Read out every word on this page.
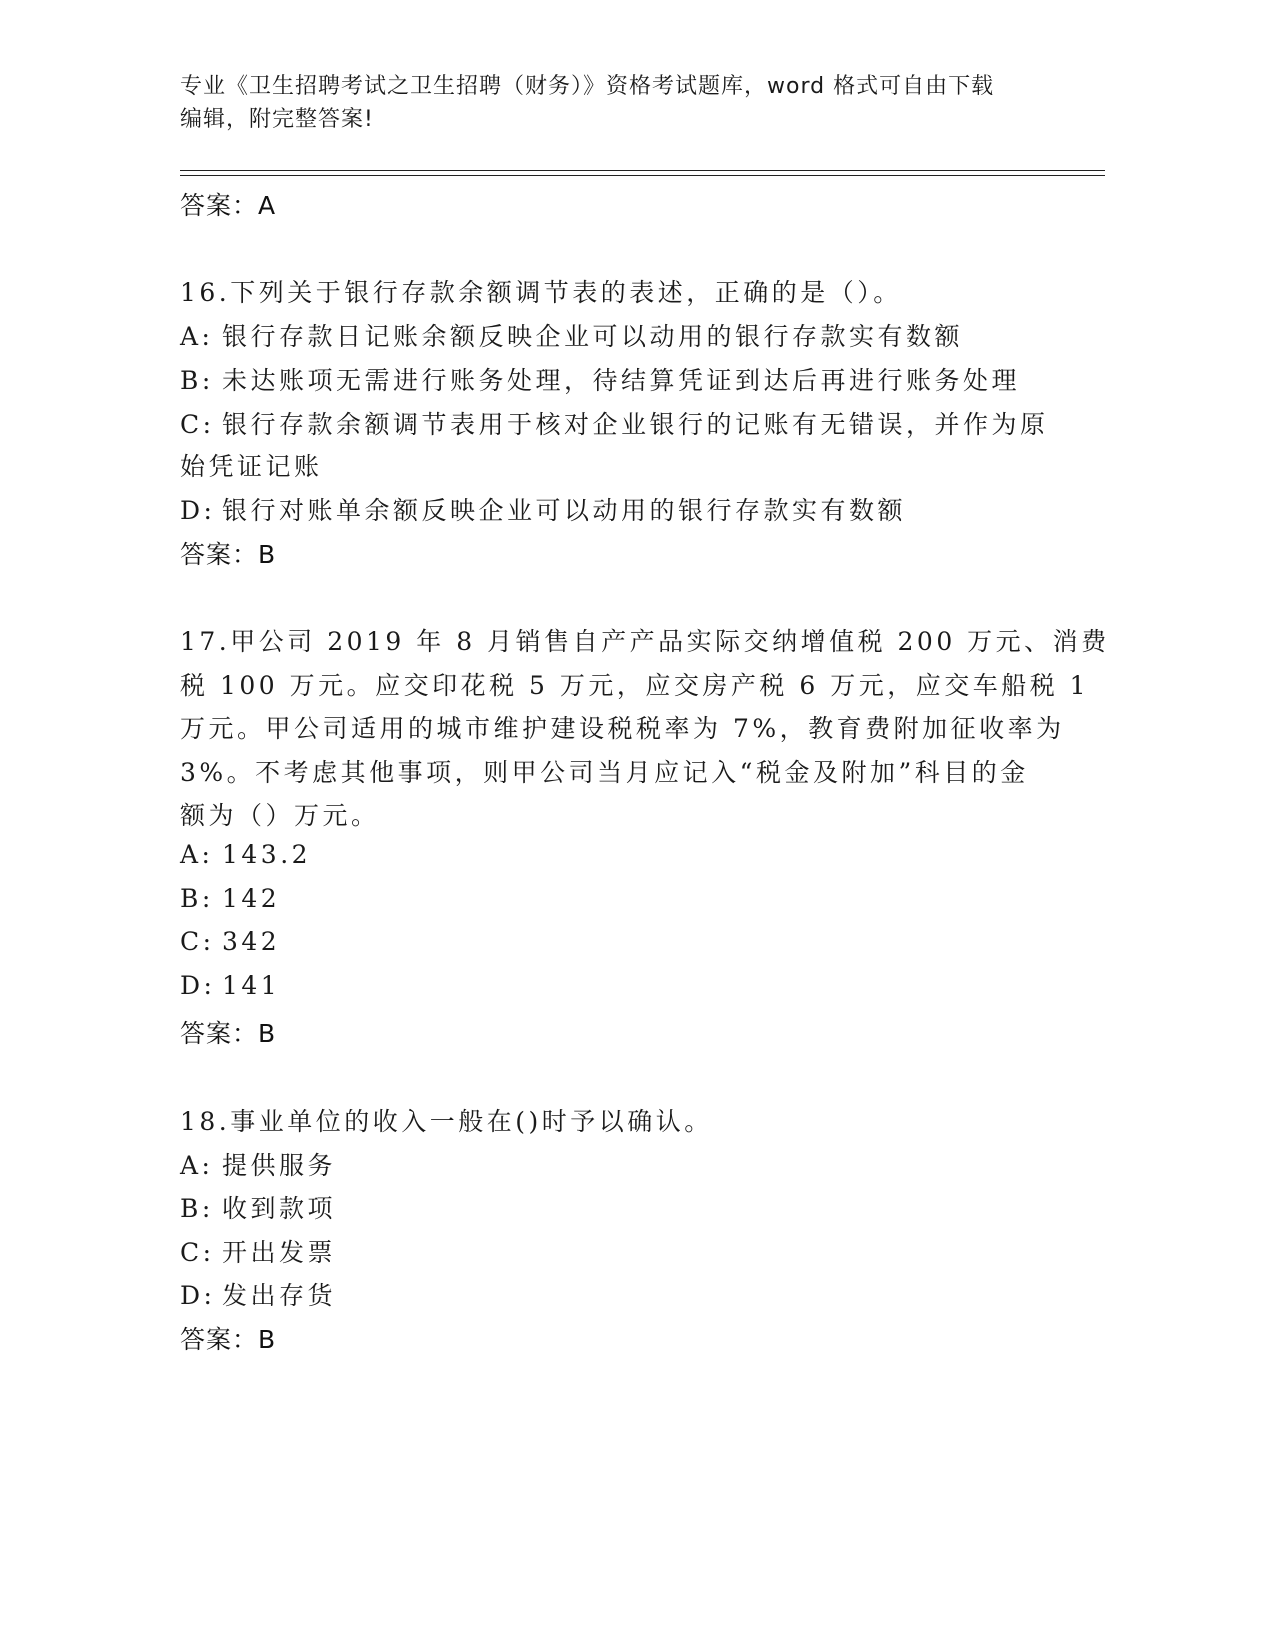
专业《卫生招聘考试之卫生招聘（财务）》资格考试题库，word 格式可自由下载
编辑，附完整答案!
答案：A
16.下列关于银行存款余额调节表的表述，正确的是（）。
A: 银行存款日记账余额反映企业可以动用的银行存款实有数额
B: 未达账项无需进行账务处理，待结算凭证到达后再进行账务处理
C: 银行存款余额调节表用于核对企业银行的记账有无错误，并作为原
始凭证记账
D: 银行对账单余额反映企业可以动用的银行存款实有数额
答案：B
17.甲公司 2019 年 8 月销售自产产品实际交纳增值税 200 万元、消费
税 100 万元。应交印花税 5 万元，应交房产税 6 万元，应交车船税 1
万元。甲公司适用的城市维护建设税税率为 7%，教育费附加征收率为
3%。不考虑其他事项，则甲公司当月应记入“税金及附加”科目的金
额为（）万元。
A: 143.2
B: 142
C: 342
D: 141
答案：B
18.事业单位的收入一般在()时予以确认。
A: 提供服务
B: 收到款项
C: 开出发票
D: 发出存货
答案：B
